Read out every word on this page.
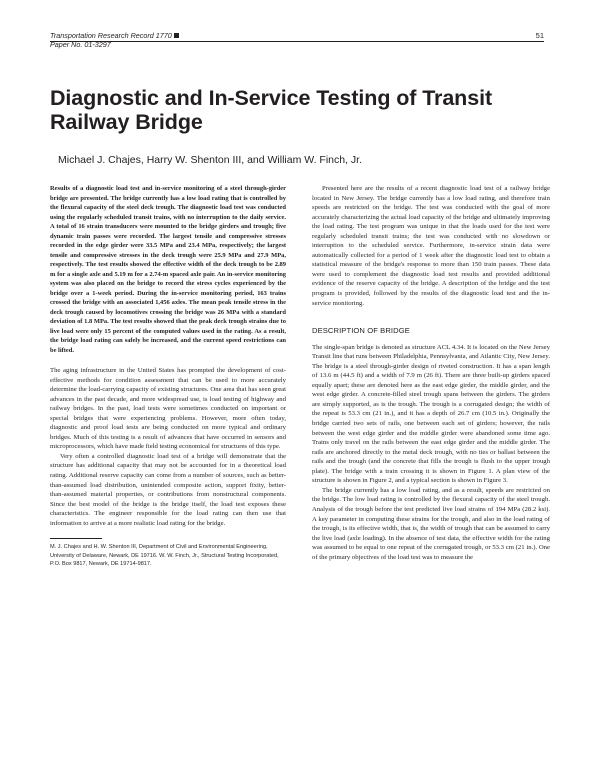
Transportation Research Record 1770
Paper No. 01-3297
51
Diagnostic and In-Service Testing of Transit Railway Bridge
Michael J. Chajes, Harry W. Shenton III, and William W. Finch, Jr.

Results of a diagnostic load test and in-service monitoring of a steel through-girder bridge are presented. The bridge currently has a low load rating that is controlled by the flexural capacity of the steel deck trough. The diagnostic load test was conducted using the regularly scheduled transit trains, with no interruption to the daily service. A total of 16 strain transducers were mounted to the bridge girders and trough; five dynamic train passes were recorded. The largest tensile and compressive stresses recorded in the edge girder were 33.5 MPa and 23.4 MPa, respectively; the largest tensile and compressive stresses in the deck trough were 25.9 MPa and 27.9 MPa, respectively. The test results showed the effective width of the deck trough to be 2.89 m for a single axle and 5.19 m for a 2.74-m spaced axle pair. An in-service monitoring system was also placed on the bridge to record the stress cycles experienced by the bridge over a 1-week period. During the in-service monitoring period, 163 trains crossed the bridge with an associated 1,456 axles. The mean peak tensile stress in the deck trough caused by locomotives crossing the bridge was 26 MPa with a standard deviation of 1.8 MPa. The test results showed that the peak deck trough strains due to live load were only 15 percent of the computed values used in the rating. As a result, the bridge load rating can safely be increased, and the current speed restrictions can be lifted.

The aging infrastructure in the United States has prompted the development of cost-effective methods for condition assessment that can be used to more accurately determine the load-carrying capacity of existing structures. One area that has seen great advances in the past decade, and more widespread use, is load testing of highway and railway bridges. In the past, load tests were sometimes conducted on important or special bridges that were experiencing problems. However, more often today, diagnostic and proof load tests are being conducted on more typical and ordinary bridges. Much of this testing is a result of advances that have occurred in sensors and microprocessors, which have made field testing economical for structures of this type.

Very often a controlled diagnostic load test of a bridge will demonstrate that the structure has additional capacity that may not be accounted for in a theoretical load rating. Additional reserve capacity can come from a number of sources, such as better-than-assumed load distribution, unintended composite action, support fixity, better-than-assumed material properties, or contributions from nonstructural components. Since the best model of the bridge is the bridge itself, the load test exposes these characteristics. The engineer responsible for the load rating can then use that information to arrive at a more realistic load rating for the bridge.

M. J. Chajes and H. W. Shenton III, Department of Civil and Environmental Engineering, University of Delaware, Newark, DE 19716. W. W. Finch, Jr., Structural Testing Incorporated, P.O. Box 9817, Newark, DE 19714-9817.

Presented here are the results of a recent diagnostic load test of a railway bridge located in New Jersey. The bridge currently has a low load rating, and therefore train speeds are restricted on the bridge. The test was conducted with the goal of more accurately characterizing the actual load capacity of the bridge and ultimately improving the load rating. The test program was unique in that the loads used for the test were regularly scheduled transit trains; the test was conducted with no slowdown or interruption to the scheduled service. Furthermore, in-service strain data were automatically collected for a period of 1 week after the diagnostic load test to obtain a statistical measure of the bridge's response to more than 150 train passes. These data were used to complement the diagnostic load test results and provided additional evidence of the reserve capacity of the bridge. A description of the bridge and the test program is provided, followed by the results of the diagnostic load test and the in-service monitoring.

DESCRIPTION OF BRIDGE

The single-span bridge is denoted as structure ACL 4.34. It is located on the New Jersey Transit line that runs between Philadelphia, Pennsylvania, and Atlantic City, New Jersey. The bridge is a steel through-girder design of riveted construction. It has a span length of 13.6 m (44.5 ft) and a width of 7.9 m (26 ft). There are three built-up girders spaced equally apart; these are denoted here as the east edge girder, the middle girder, and the west edge girder. A concrete-filled steel trough spans between the girders. The girders are simply supported, as is the trough. The trough is a corrugated design; the width of the repeat is 53.3 cm (21 in.), and it has a depth of 26.7 cm (10.5 in.). Originally the bridge carried two sets of rails, one between each set of girders; however, the rails between the west edge girder and the middle girder were abandoned some time ago. Trains only travel on the rails between the east edge girder and the middle girder. The rails are anchored directly to the metal deck trough, with no ties or ballast between the rails and the trough (and the concrete that fills the trough is flush to the upper trough plate). The bridge with a train crossing it is shown in Figure 1. A plan view of the structure is shown in Figure 2, and a typical section is shown in Figure 3.

The bridge currently has a low load rating, and as a result, speeds are restricted on the bridge. The low load rating is controlled by the flexural capacity of the steel trough. Analysis of the trough before the test predicted live load strains of 194 MPa (28.2 ksi). A key parameter in computing these strains for the trough, and also in the load rating of the trough, is its effective width, that is, the width of trough that can be assumed to carry the live load (axle loading). In the absence of test data, the effective width for the rating was assumed to be equal to one repeat of the corrugated trough, or 53.3 cm (21 in.). One of the primary objectives of the load test was to measure the
